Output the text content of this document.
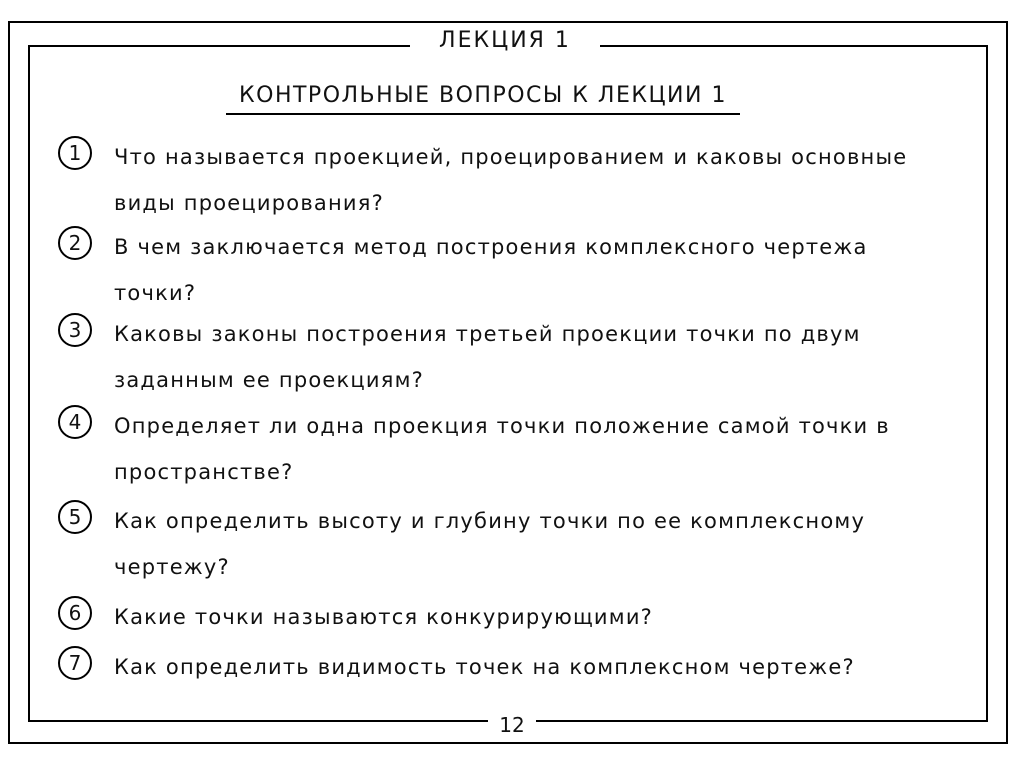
ЛЕКЦИЯ 1
КОНТРОЛЬНЫЕ ВОПРОСЫ К ЛЕКЦИИ 1
1	Что называется проекцией, проецированием и каковы основные
виды проецирования?
2	В чем заключается метод построения комплексного чертежа
точки?
3	Каковы законы построения третьей проекции точки по двум
заданным ее проекциям?
4	Определяет ли одна проекция точки положение самой точки в
пространстве?
5	Как определить высоту и глубину точки по ее комплексному
чертежу?
6	Какие точки называются конкурирующими?
7	Как определить видимость точек на комплексном чертеже?
12
